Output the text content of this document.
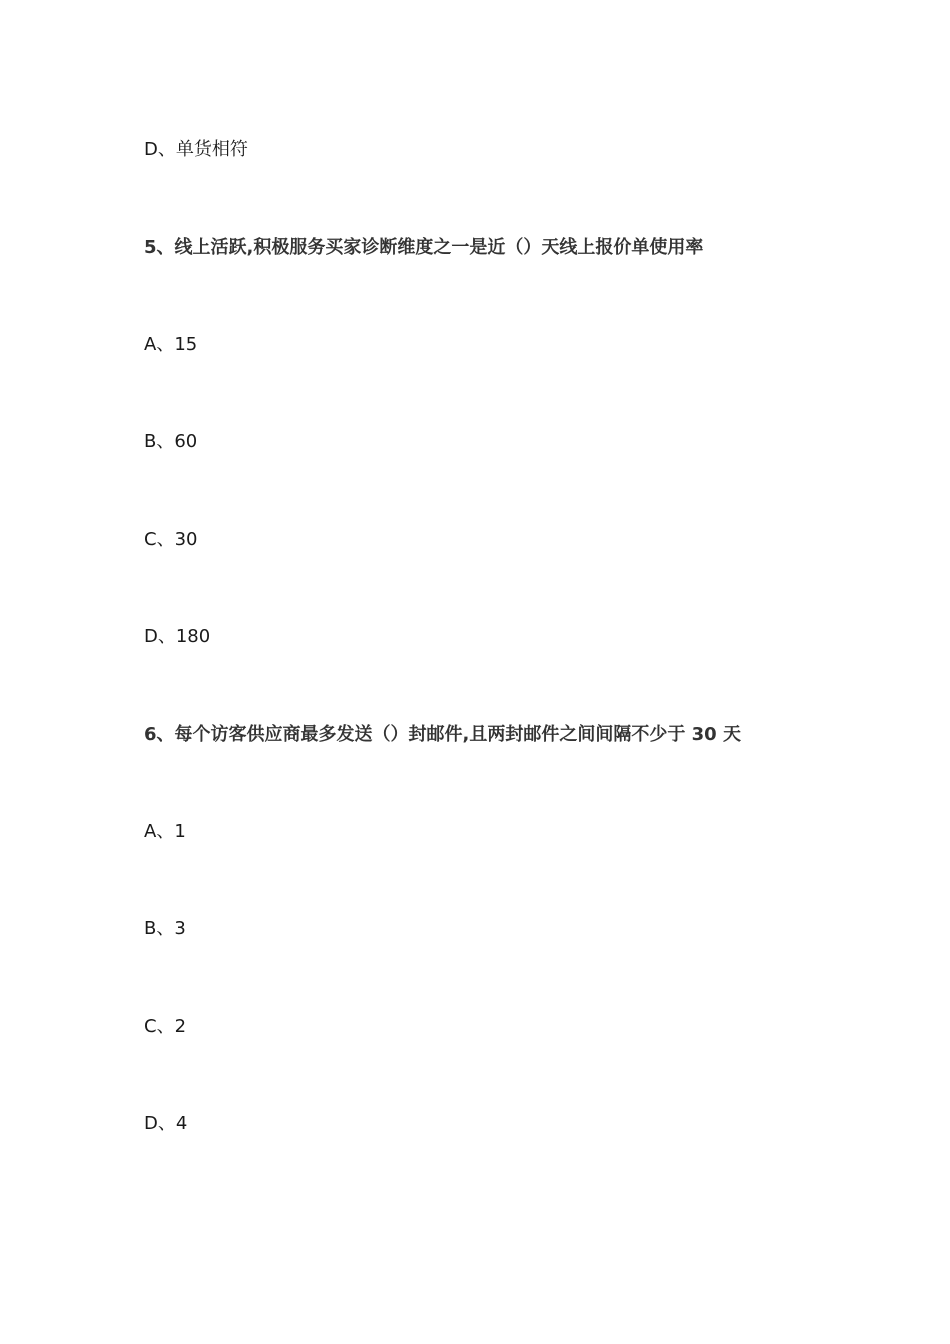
D、单货相符
5、线上活跃,积极服务买家诊断维度之一是近（）天线上报价单使用率
A、15
B、60
C、30
D、180
6、每个访客供应商最多发送（）封邮件,且两封邮件之间间隔不少于 30 天
A、1
B、3
C、2
D、4
